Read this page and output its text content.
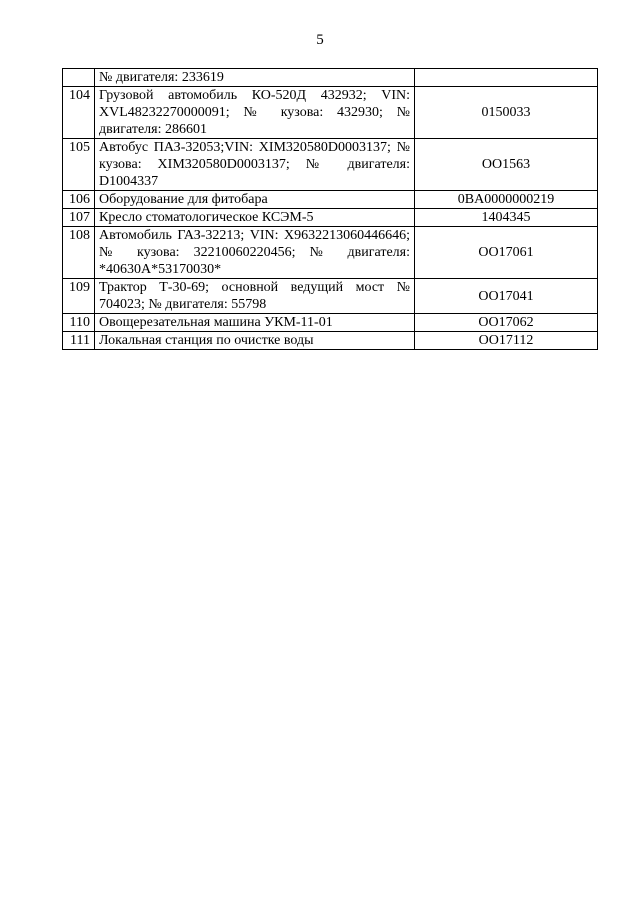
5
	№ двигателя: 233619	
104	Грузовой автомобиль КО-520Д 432932; VIN: XVL48232270000091; № кузова: 432930; № двигателя: 286601	0150033
105	Автобус ПАЗ-32053;VIN: XIM320580D0003137; № кузова: XIM320580D0003137; № двигателя: D1004337	OO1563
106	Оборудование для фитобара	0BA0000000219
107	Кресло стоматологическое КСЭМ-5	1404345
108	Автомобиль ГАЗ-32213; VIN: X9632213060446646; № кузова: 32210060220456; № двигателя: *40630А*53170030*	OO17061
109	Трактор Т-30-69; основной ведущий мост № 704023; № двигателя: 55798	OO17041
110	Овощерезательная машина УКМ-11-01	OO17062
111	Локальная станция по очистке воды	OO17112
